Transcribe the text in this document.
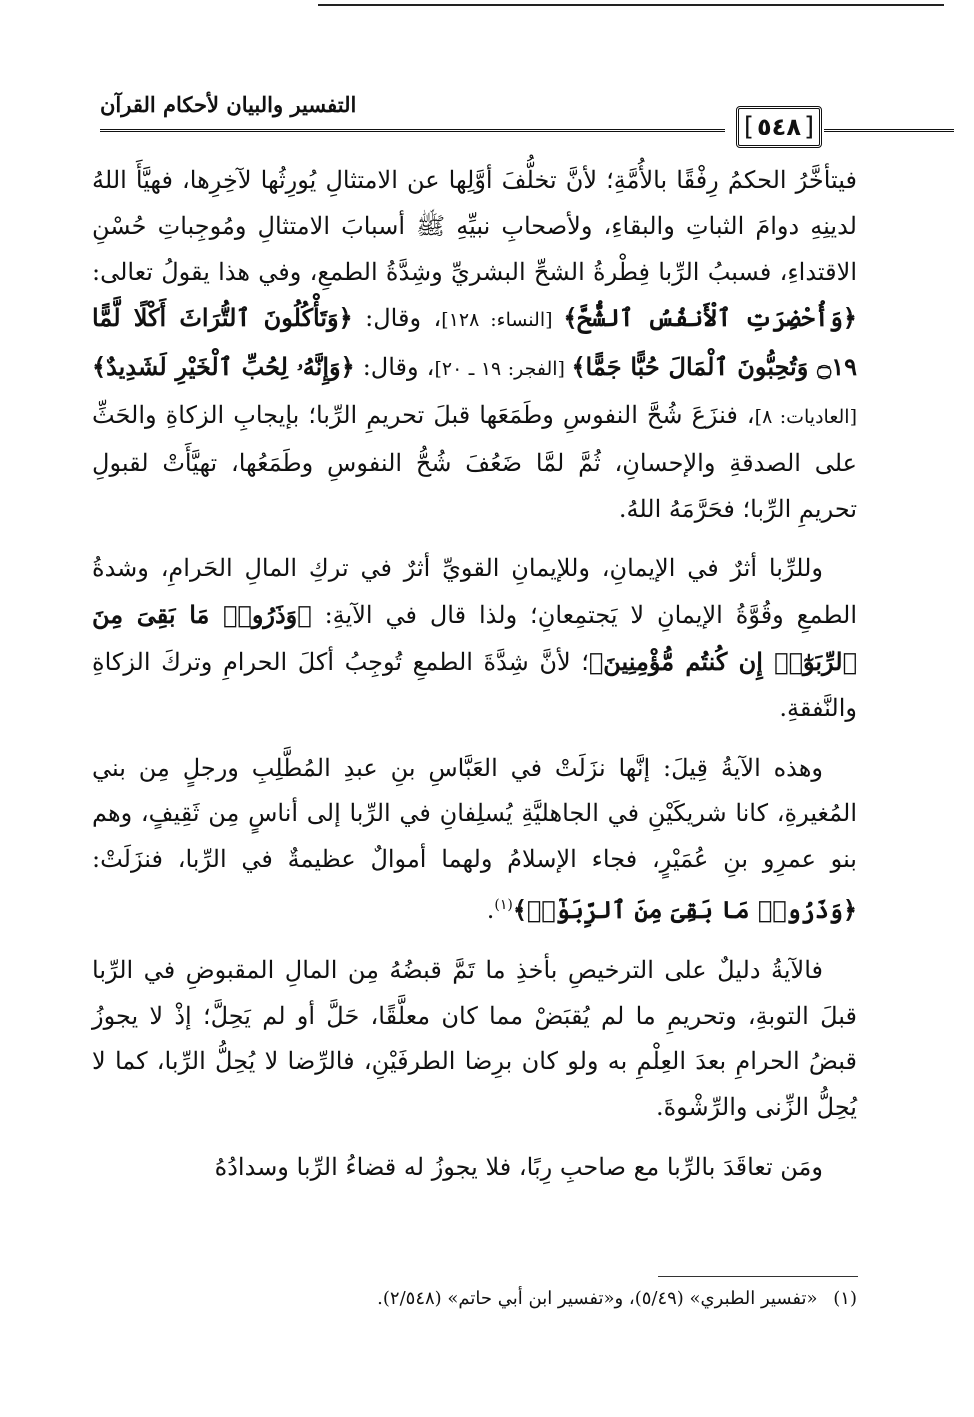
التفسير والبيان لأحكام القرآن
[ ٥٤٨ ]

فيتأخَّرُ الحكمُ رِفْقًا بالأُمَّةِ؛ لأنَّ تخلُّفَ أوَّلِها عن الامتثالِ يُورِثُها لآخِرِها، فهيَّأَ اللهُ لدينِهِ دوامَ الثباتِ والبقاءِ، ولأصحابِ نبيِّهِ ﷺ أسبابَ الامتثالِ ومُوجِباتِ حُسْنِ الاقتداءِ، فسببُ الرِّبا فِطْرةُ الشحِّ البشريِّ وشِدَّةُ الطمعِ، وفي هذا يقولُ تعالى: ﴿وَأُحْضِرَتِ ٱلْأَنفُسُ ٱلشُّحَّ﴾ [النساء: ١٢٨]، وقال: ﴿وَتَأْكُلُونَ ٱلتُّرَاثَ أَكْلًا لَّمًّا ۝١٩ وَتُحِبُّونَ ٱلْمَالَ حُبًّا جَمًّا﴾ [الفجر: ١٩ ـ ٢٠]، وقال: ﴿وَإِنَّهُۥ لِحُبِّ ٱلْخَيْرِ لَشَدِيدٌ﴾ [العاديات: ٨]، فنزَعَ شُحَّ النفوسِ وطَمَعَها قبلَ تحريمِ الرِّبا؛ بإيجابِ الزكاةِ والحَثِّ على الصدقةِ والإحسانِ، ثُمَّ لمَّا ضَعُفَ شُحُّ النفوسِ وطَمَعُها، تهيَّأَتْ لقبولِ تحريمِ الرِّبا؛ فحَرَّمَهُ اللهُ.

وللرِّبا أثرٌ في الإيمانِ، وللإيمانِ القويِّ أثرٌ في تركِ المالِ الحَرامِ، وشدةُ الطمعِ وقُوَّةُ الإيمانِ لا يَجتمِعانِ؛ ولذا قال في الآيةِ: ﴿وَذَرُوا۟ مَا بَقِىَ مِنَ ٱلرِّبَوٰٓا۟ إِن كُنتُم مُّؤْمِنِينَ﴾؛ لأنَّ شِدَّةَ الطمعِ تُوجِبُ أكلَ الحرامِ وتركَ الزكاةِ والنَّفقةِ.

وهذه الآيةُ قِيلَ: إنَّها نزَلَتْ في العَبَّاسِ بنِ عبدِ المُطَّلِبِ ورجلٍ مِن بني المُغيرةِ، كانا شريكَيْنِ في الجاهليَّةِ يُسلِفانِ في الرِّبا إلى أناسٍ مِن ثَقِيفٍ، وهم بنو عمرِو بنِ عُمَيْرٍ، فجاء الإسلامُ ولهما أموالٌ عظيمةٌ في الرِّبا، فنزَلَتْ: ﴿وَذَرُوا۟ مَا بَقِىَ مِنَ ٱلرِّبَوٰٓا۟﴾$^{(١)}$.

فالآيةُ دليلٌ على الترخيصِ بأخذِ ما تَمَّ قبضُهُ مِن المالِ المقبوضِ في الرِّبا قبلَ التوبةِ، وتحريمِ ما لم يُقبَضْ مما كان معلَّقًا، حَلَّ أو لم يَحِلَّ؛ إذْ لا يجوزُ قبضُ الحرامِ بعدَ العِلْمِ به ولو كان برِضا الطرفَيْنِ، فالرِّضا لا يُحِلُّ الرِّبا، كما لا يُحِلُّ الزِّنى والرِّشْوةَ.

ومَن تعاقَدَ بالرِّبا مع صاحبِ رِبًا، فلا يجوزُ له قضاءُ الرِّبا وسدادُهُ

(١) «تفسير الطبري» (٥/٤٩)، و«تفسير ابن أبي حاتم» (٢/٥٤٨).
